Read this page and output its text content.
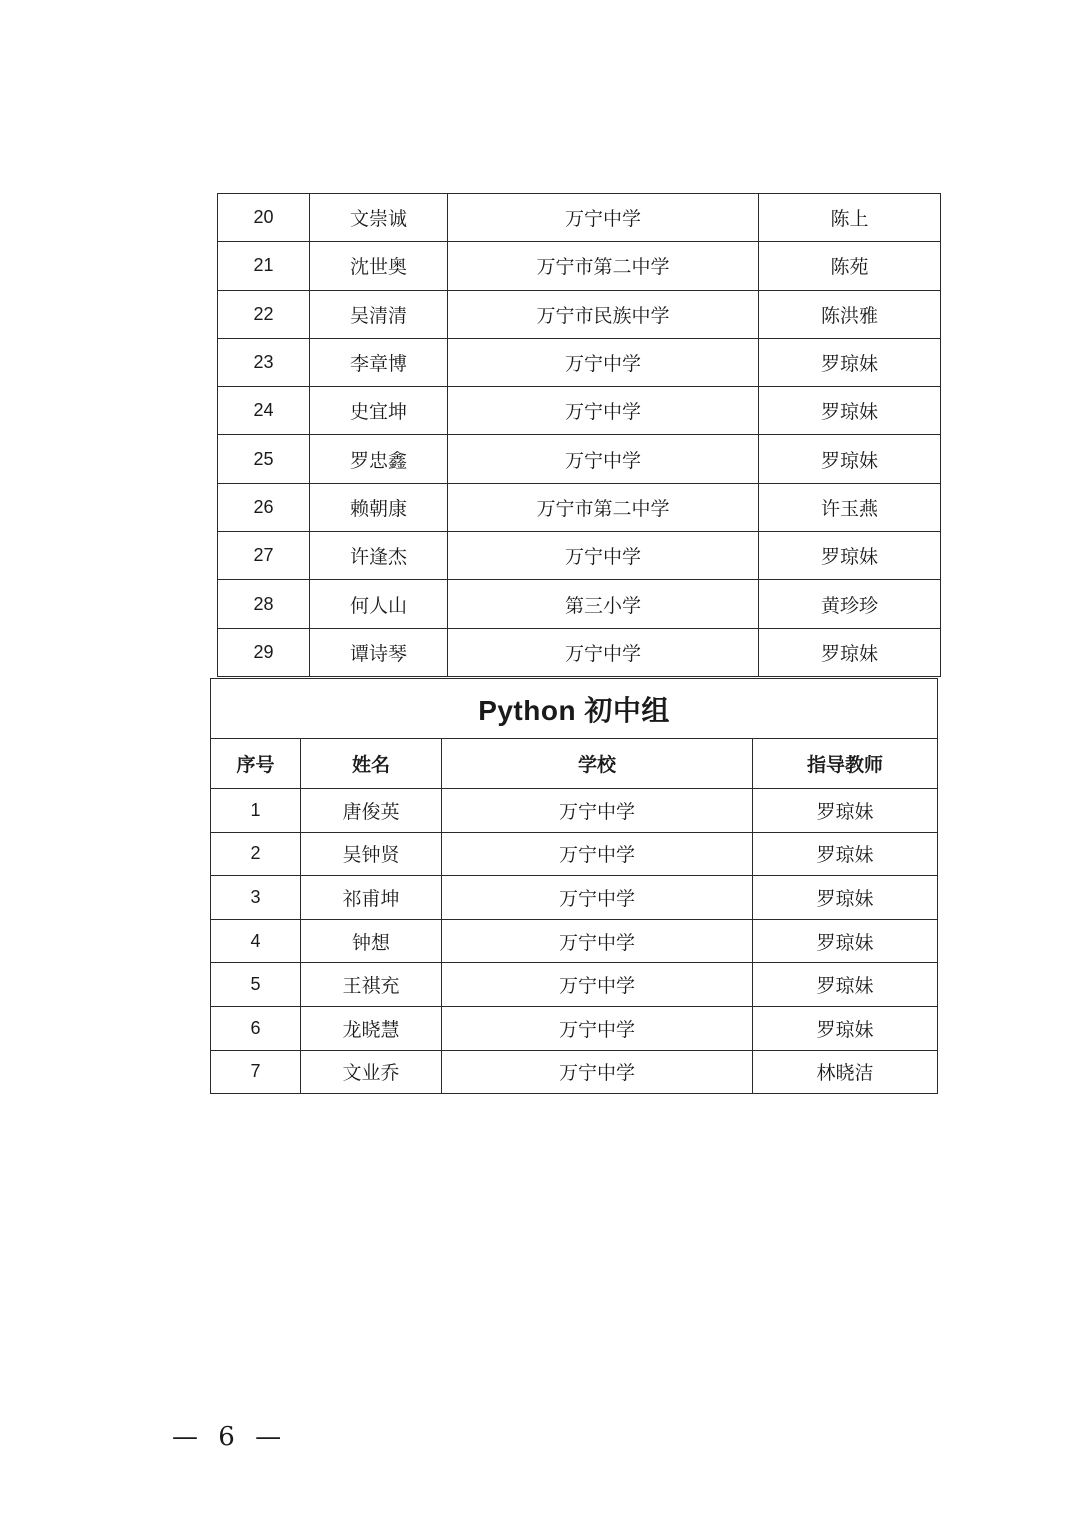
20	文崇诚	万宁中学	陈上
21	沈世奥	万宁市第二中学	陈苑
22	吴清清	万宁市民族中学	陈洪雅
23	李章博	万宁中学	罗琼妹
24	史宜坤	万宁中学	罗琼妹
25	罗忠鑫	万宁中学	罗琼妹
26	赖朝康	万宁市第二中学	许玉燕
27	许逢杰	万宁中学	罗琼妹
28	何人山	第三小学	黄珍珍
29	谭诗琴	万宁中学	罗琼妹
Python 初中组			
序号	姓名	学校	指导教师
1	唐俊英	万宁中学	罗琼妹
2	吴钟贤	万宁中学	罗琼妹
3	祁甫坤	万宁中学	罗琼妹
4	钟想	万宁中学	罗琼妹
5	王祺充	万宁中学	罗琼妹
6	龙晓慧	万宁中学	罗琼妹
7	文业乔	万宁中学	林晓洁
— 6 —
